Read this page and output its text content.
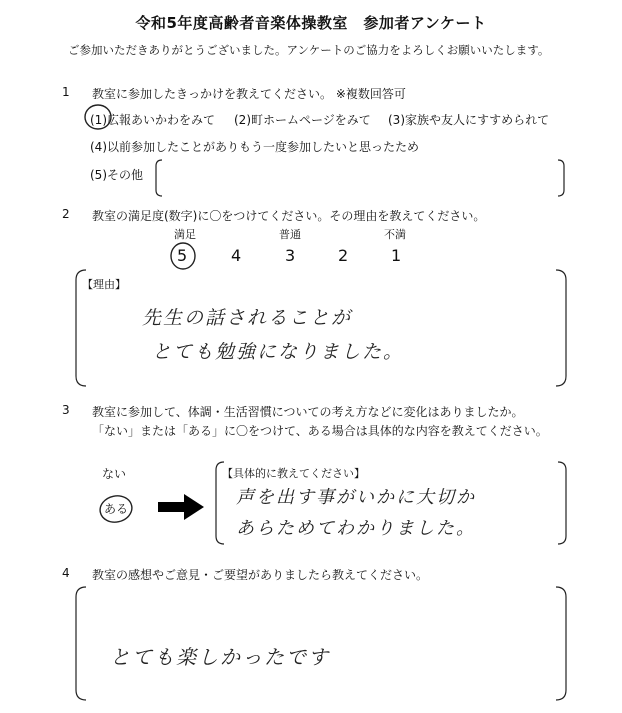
令和5年度高齢者音楽体操教室　参加者アンケート
ご参加いただきありがとうございました。アンケートのご協力をよろしくお願いいたします。
1 教室に参加したきっかけを教えてください。 ※複数回答可
(1)広報あいかわをみて (2)町ホームページをみて (3)家族や友人にすすめられて
(4)以前参加したことがありもう一度参加したいと思ったため
(5)その他
2 教室の満足度(数字)に〇をつけてください。その理由を教えてください。
満足	普通	不満
5	4	3	2	1
【理由】
先生の話されることが
とても勉強になりました。
3 教室に参加して、体調・生活習慣についての考え方などに変化はありましたか。
「ない」または「ある」に〇をつけて、ある場合は具体的な内容を教えてください。
ない
ある
【具体的に教えてください】
声を出す事がいかに大切か
あらためてわかりました。
4 教室の感想やご意見・ご要望がありましたら教えてください。
とても楽しかったです
